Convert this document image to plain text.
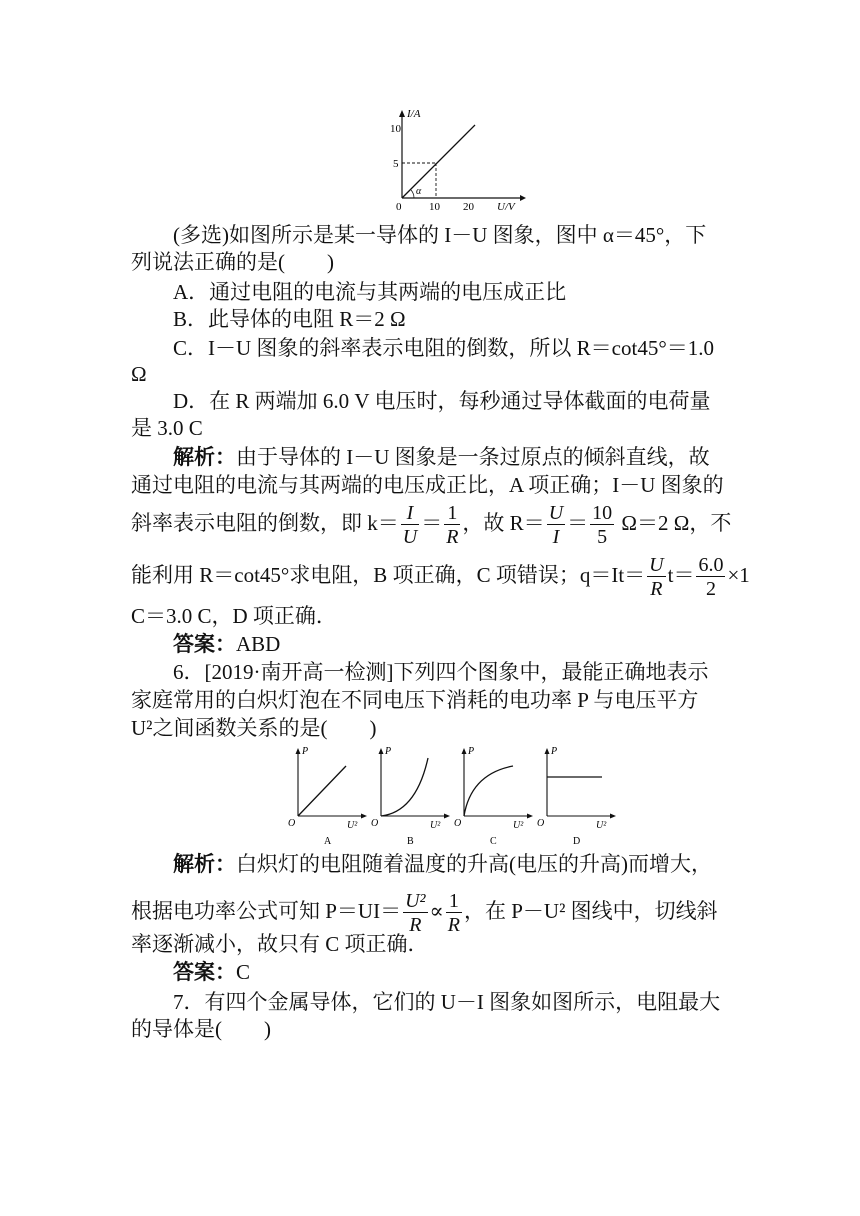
I/A
10
5
0	10 20 U/V
α
(多选)如图所示是某一导体的 I－U 图象，图中 α＝45°，下
列说法正确的是(　　)
A．通过电阻的电流与其两端的电压成正比
B．此导体的电阻 R＝2 Ω
C．I－U 图象的斜率表示电阻的倒数，所以 R＝cot45°＝1.0
Ω
D．在 R 两端加 6.0 V 电压时，每秒通过导体截面的电荷量
是 3.0 C
解析：由于导体的 I－U 图象是一条过原点的倾斜直线，故
通过电阻的电流与其两端的电压成正比，A 项正确；I－U 图象的
斜率表示电阻的倒数，即 $k= \frac{I}{U} = \frac{1}{R}$ ，故 $R= \frac{U}{I} = \frac{10}{5} \Omega=2$ Ω，不
能利用 R＝cot45°求电阻，B 项正确，C 项错误；$q=It= \frac{U}{R} t= \frac{6.0}{2} \times 1$
C＝3.0 C，D 项正确．
答案：ABD
6．[2019·南开高一检测]下列四个图象中，最能正确地表示
家庭常用的白炽灯泡在不同电压下消耗的电功率 P 与电压平方
U²之间函数关系的是(　　)
P
O	U²
A
P
O	U²
B
P
O	U²
C
P
O	U²
D
解析：白炽灯的电阻随着温度的升高(电压的升高)而增大，
根据电功率公式可知 $P=UI= \frac{\text{U²}}{R} \propto \frac{1}{R}$ ，在 P－U² 图线中，切线斜
率逐渐减小，故只有 C 项正确．
答案：C
7．有四个金属导体，它们的 U－I 图象如图所示，电阻最大
的导体是(　　)
